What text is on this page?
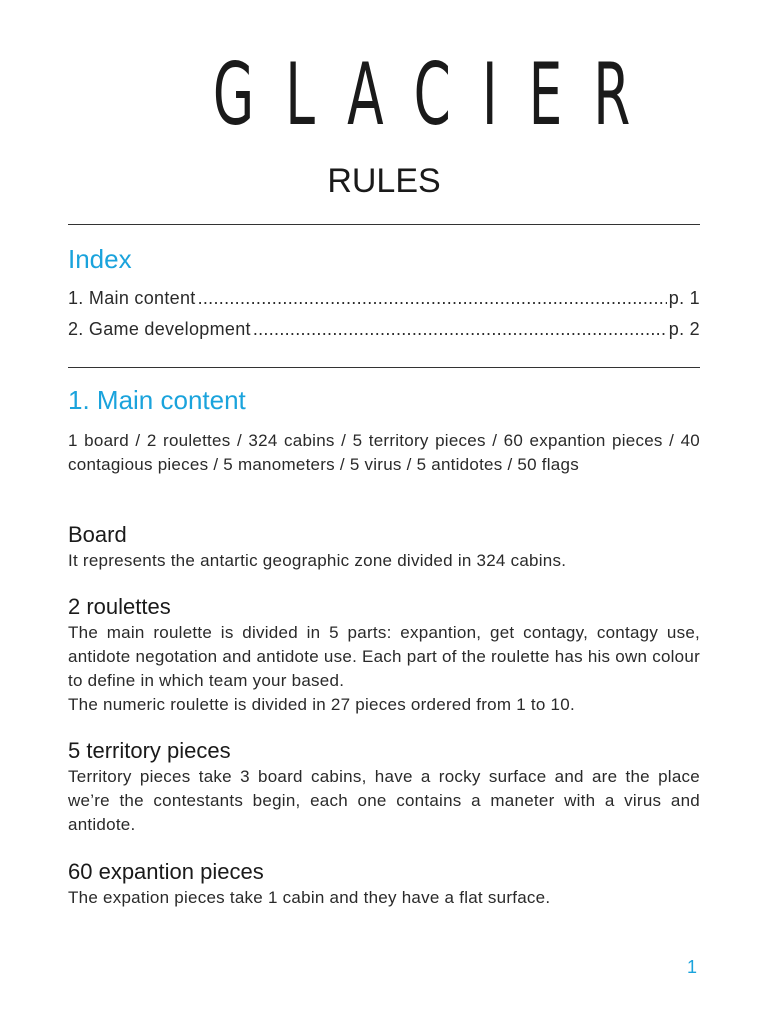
GLACIER
RULES
Index
1. Main content .....	p. 1
2. Game development .....	p. 2
1. Main content
1 board / 2 roulettes / 324 cabins / 5 territory pieces / 60 expantion pieces / 40 contagious pieces / 5 manometers / 5 virus / 5 antidotes / 50 flags
Board
It represents the antartic geographic zone divided in 324 cabins.
2 roulettes
The main roulette is divided in 5 parts: expantion, get contagy, contagy use, antidote negotation and antidote use. Each part of the roulette has his own colour to define in which team your based.
The numeric roulette is divided in 27 pieces ordered from 1 to 10.
5 territory pieces
Territory pieces take 3 board cabins, have a rocky surface and are the place we’re the contestants begin, each one contains a maneter with a virus and antidote.
60 expantion pieces
The expation pieces take 1 cabin and they have a flat surface.
1
